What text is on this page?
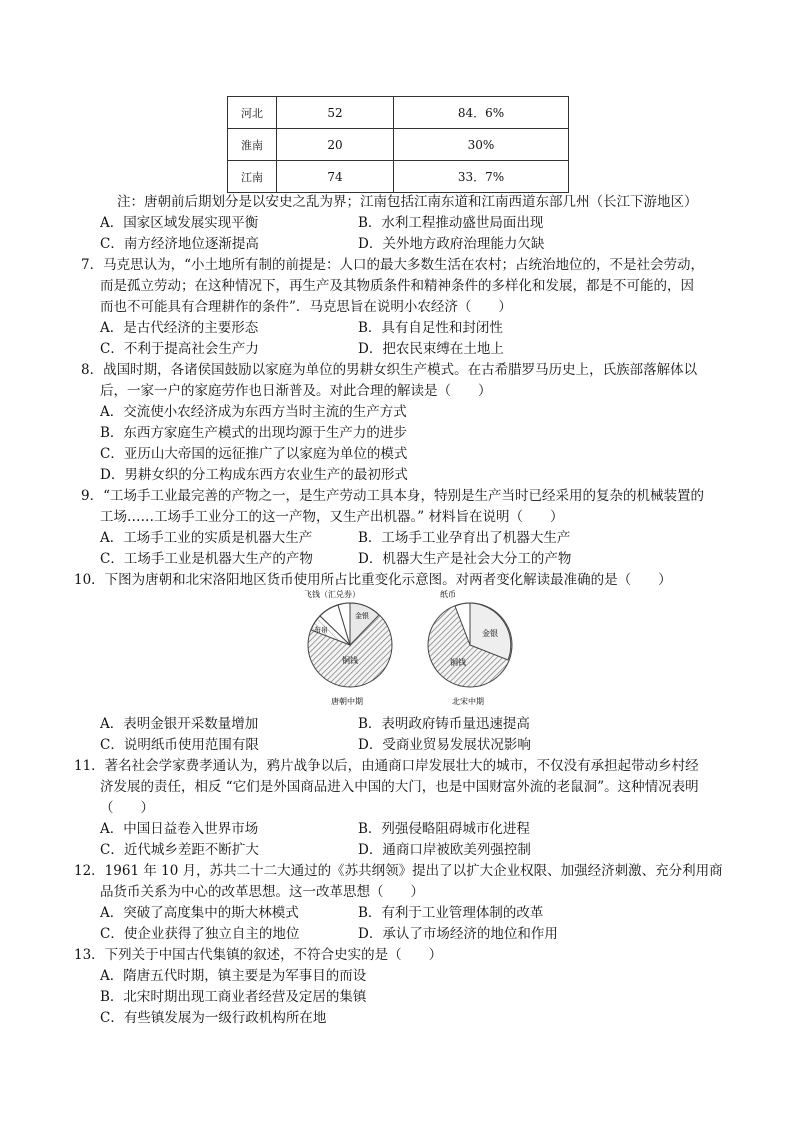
河北	52	84．6%
淮南	20	30%
江南	74	33．7%
注：唐朝前后期划分是以安史之乱为界；江南包括江南东道和江南西道东部几州（长江下游地区）
A．国家区域发展实现平衡	B．水利工程推动盛世局面出现
C．南方经济地位逐渐提高	D．关外地方政府治理能力欠缺
7．马克思认为，“小土地所有制的前提是：人口的最大多数生活在农村；占统治地位的，不是社会劳动，
而是孤立劳动；在这种情况下，再生产及其物质条件和精神条件的多样化和发展，都是不可能的，因
而也不可能具有合理耕作的条件”．马克思旨在说明小农经济（　　）
A．是古代经济的主要形态	B．具有自足性和封闭性
C．不利于提高社会生产力	D．把农民束缚在土地上
8．战国时期，各诸侯国鼓励以家庭为单位的男耕女织生产模式。在古希腊罗马历史上，氏族部落解体以
后，一家一户的家庭劳作也日渐普及。对此合理的解读是（　　）
A．交流使小农经济成为东西方当时主流的生产方式
B．东西方家庭生产模式的出现均源于生产力的进步
C．亚历山大帝国的远征推广了以家庭为单位的模式
D．男耕女织的分工构成东西方农业生产的最初形式
9．“工场手工业最完善的产物之一，是生产劳动工具本身，特别是生产当时已经采用的复杂的机械装置的
工场……工场手工业分工的这一产物，又生产出机器。” 材料旨在说明（　　）
A．工场手工业的实质是机器大生产	B．工场手工业孕育出了机器大生产
C．工场手工业是机器大生产的产物	D．机器大生产是社会大分工的产物
10．下图为唐朝和北宋洛阳地区货币使用所占比重变化示意图。对两者变化解读最准确的是（　　）
飞钱（汇兑券）
金银
布帛
铜钱
唐朝中期
纸币
金银
铜钱
北宋中期
A．表明金银开采数量增加	B．表明政府铸币量迅速提高
C．说明纸币使用范围有限	D．受商业贸易发展状况影响
11．著名社会学家费孝通认为，鸦片战争以后，由通商口岸发展壮大的城市，不仅没有承担起带动乡村经
济发展的责任，相反 “它们是外国商品进入中国的大门，也是中国财富外流的老鼠洞”。这种情况表明
（　　）
A．中国日益卷入世界市场	B．列强侵略阻碍城市化进程
C．近代城乡差距不断扩大	D．通商口岸被欧美列强控制
12．1961 年 10 月，苏共二十二大通过的《苏共纲领》提出了以扩大企业权限、加强经济刺激、充分利用商
品货币关系为中心的改革思想。这一改革思想（　　）
A．突破了高度集中的斯大林模式	B．有利于工业管理体制的改革
C．使企业获得了独立自主的地位	D．承认了市场经济的地位和作用
13．下列关于中国古代集镇的叙述，不符合史实的是（　　）
A．隋唐五代时期，镇主要是为军事目的而设
B．北宋时期出现工商业者经营及定居的集镇
C．有些镇发展为一级行政机构所在地
